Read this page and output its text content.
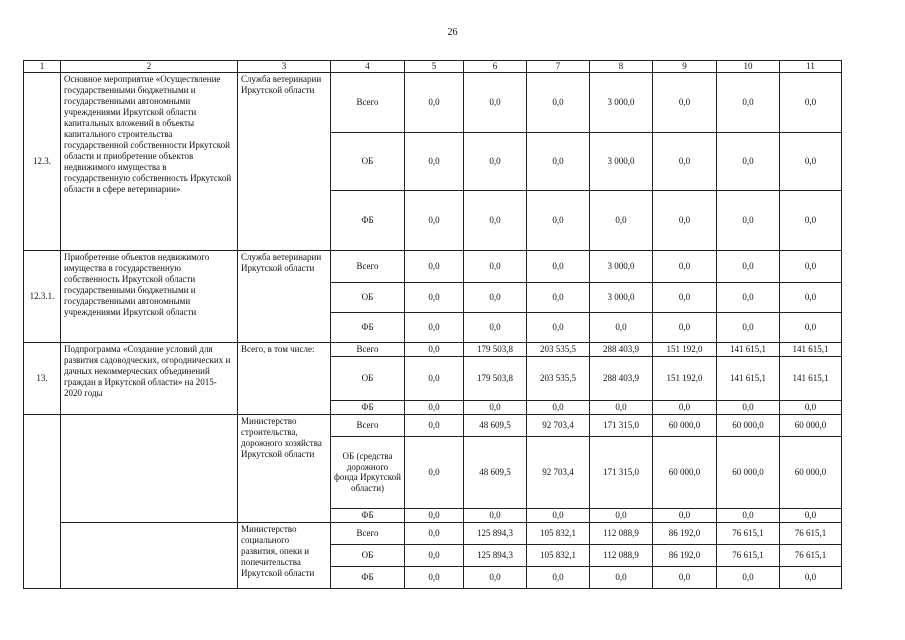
26
1	2	3	4	5	6	7	8	9	10	11
12.3.	Основное мероприятие «Осуществление государственными бюджетными и государственными автономными учреждениями Иркутской области капитальных вложений в объекты капитального строительства государственной собственности Иркутской области и приобретение объектов недвижимого имущества в государственную собственность Иркутской области в сфере ветеринарии»	Служба ветеринарии Иркутской области	Всего	0,0	0,0	0,0	3 000,0	0,0	0,0	0,0
			ОБ	0,0	0,0	0,0	3 000,0	0,0	0,0	0,0
			ФБ	0,0	0,0	0,0	0,0	0,0	0,0	0,0
12.3.1.	Приобретение объектов недвижимого имущества в государственную собственность Иркутской области государственными бюджетными и государственными автономными учреждениями Иркутской области	Служба ветеринарии Иркутской области	Всего	0,0	0,0	0,0	3 000,0	0,0	0,0	0,0
			ОБ	0,0	0,0	0,0	3 000,0	0,0	0,0	0,0
			ФБ	0,0	0,0	0,0	0,0	0,0	0,0	0,0
13.	Подпрограмма «Создание условий для развития садоводческих, огороднических и дачных некоммерческих объединений граждан в Иркутской области» на 2015-2020 годы	Всего, в том числе:	Всего	0,0	179 503,8	203 535,5	288 403,9	151 192,0	141 615,1	141 615,1
			ОБ	0,0	179 503,8	203 535,5	288 403,9	151 192,0	141 615,1	141 615,1
			ФБ	0,0	0,0	0,0	0,0	0,0	0,0	0,0
		Министерство строительства, дорожного хозяйства Иркутской области	Всего	0,0	48 609,5	92 703,4	171 315,0	60 000,0	60 000,0	60 000,0
			ОБ (средства дорожного фонда Иркутской области)	0,0	48 609,5	92 703,4	171 315,0	60 000,0	60 000,0	60 000,0
			ФБ	0,0	0,0	0,0	0,0	0,0	0,0	0,0
		Министерство социального развития, опеки и попечительства Иркутской области	Всего	0,0	125 894,3	105 832,1	112 088,9	86 192,0	76 615,1	76 615,1
			ОБ	0,0	125 894,3	105 832,1	112 088,9	86 192,0	76 615,1	76 615,1
			ФБ	0,0	0,0	0,0	0,0	0,0	0,0	0,0
